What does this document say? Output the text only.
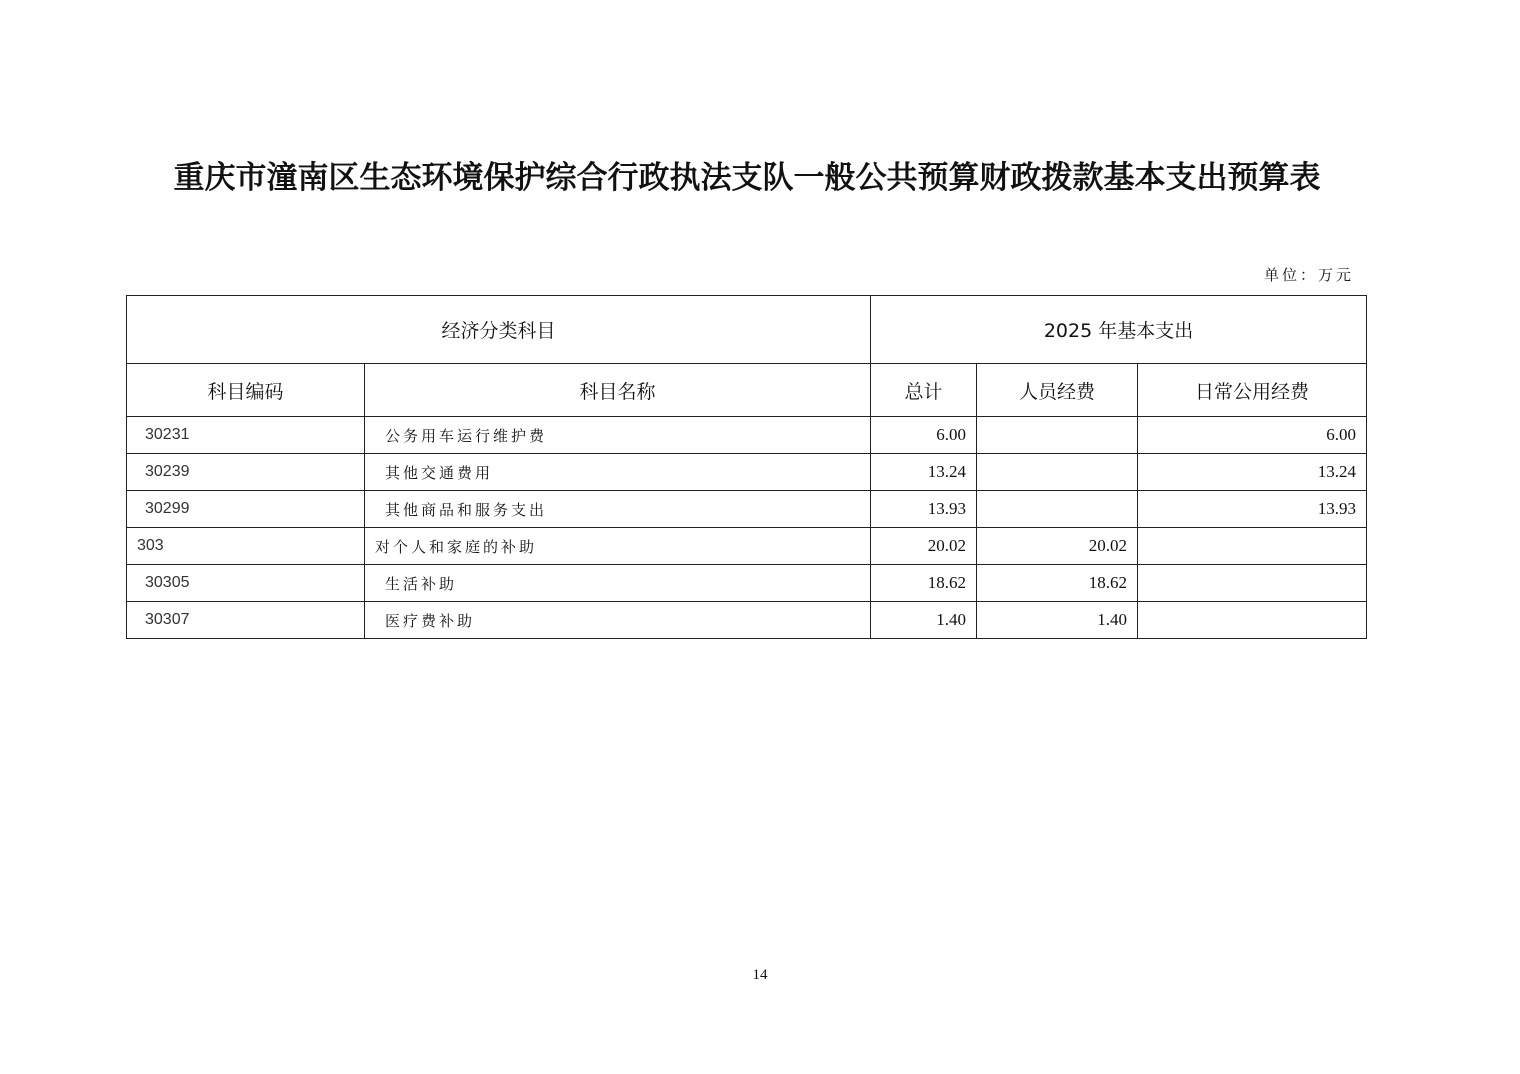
重庆市潼南区生态环境保护综合行政执法支队一般公共预算财政拨款基本支出预算表
单位：万元
经济分类科目		2025 年基本支出		
科目编码	科目名称	总计	人员经费	日常公用经费
30231	公务用车运行维护费	6.00		6.00
30239	其他交通费用	13.24		13.24
30299	其他商品和服务支出	13.93		13.93
303	对个人和家庭的补助	20.02	20.02	
30305	生活补助	18.62	18.62	
30307	医疗费补助	1.40	1.40	
14
